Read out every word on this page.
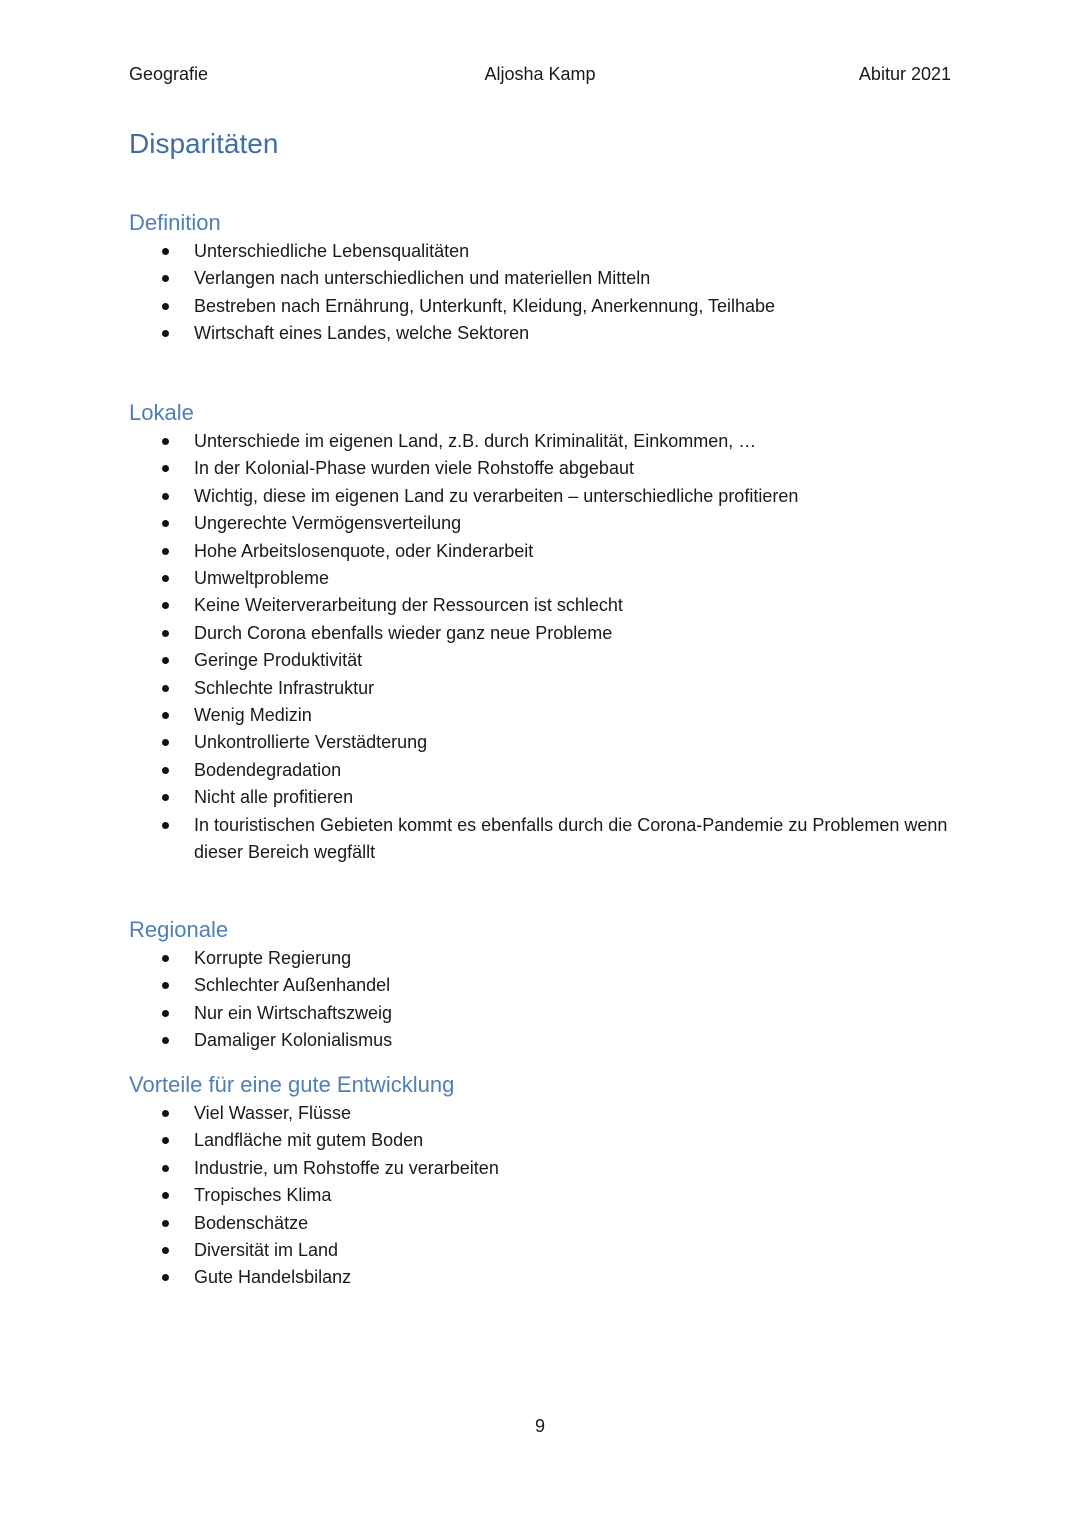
Geografie	Aljosha Kamp	Abitur 2021
Disparitäten
Definition
Unterschiedliche Lebensqualitäten
Verlangen nach unterschiedlichen und materiellen Mitteln
Bestreben nach Ernährung, Unterkunft, Kleidung, Anerkennung, Teilhabe
Wirtschaft eines Landes, welche Sektoren
Lokale
Unterschiede im eigenen Land, z.B. durch Kriminalität, Einkommen, …
In der Kolonial-Phase wurden viele Rohstoffe abgebaut
Wichtig, diese im eigenen Land zu verarbeiten – unterschiedliche profitieren
Ungerechte Vermögensverteilung
Hohe Arbeitslosenquote, oder Kinderarbeit
Umweltprobleme
Keine Weiterverarbeitung der Ressourcen ist schlecht
Durch Corona ebenfalls wieder ganz neue Probleme
Geringe Produktivität
Schlechte Infrastruktur
Wenig Medizin
Unkontrollierte Verstädterung
Bodendegradation
Nicht alle profitieren
In touristischen Gebieten kommt es ebenfalls durch die Corona-Pandemie zu Problemen wenn dieser Bereich wegfällt
Regionale
Korrupte Regierung
Schlechter Außenhandel
Nur ein Wirtschaftszweig
Damaliger Kolonialismus
Vorteile für eine gute Entwicklung
Viel Wasser, Flüsse
Landfläche mit gutem Boden
Industrie, um Rohstoffe zu verarbeiten
Tropisches Klima
Bodenschätze
Diversität im Land
Gute Handelsbilanz
9
